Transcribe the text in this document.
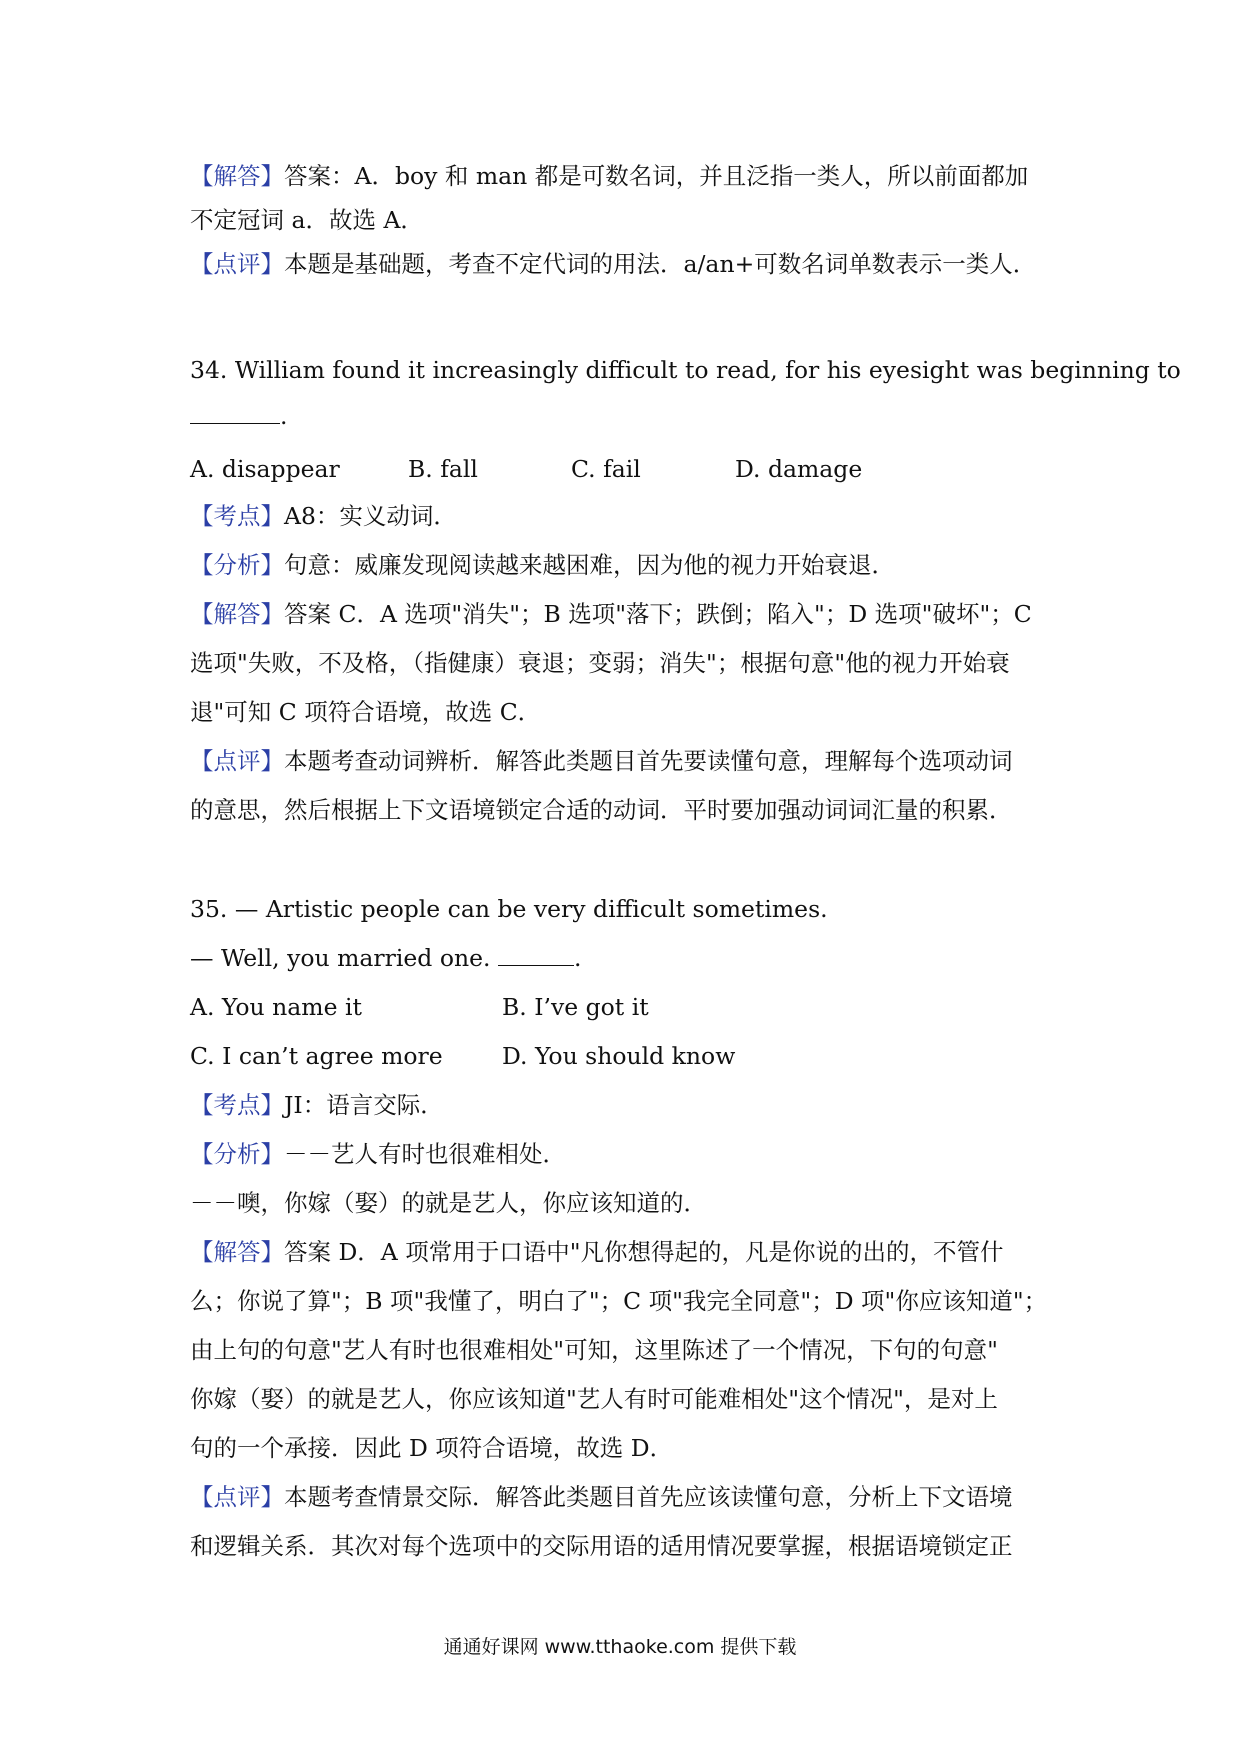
【解答】答案：A．boy 和 man 都是可数名词，并且泛指一类人，所以前面都加
不定冠词 a．故选 A．
【点评】本题是基础题，考查不定代词的用法．a/an+可数名词单数表示一类人．
34. William found it increasingly difficult to read, for his eyesight was beginning to
.
A. disappear	B. fall	C. fail	D. damage
【考点】A8：实义动词．
【分析】句意：威廉发现阅读越来越困难，因为他的视力开始衰退．
【解答】答案 C．A 选项"消失"；B 选项"落下；跌倒；陷入"；D 选项"破坏"；C
选项"失败，不及格，（指健康）衰退；变弱；消失"；根据句意"他的视力开始衰
退"可知 C 项符合语境，故选 C．
【点评】本题考查动词辨析．解答此类题目首先要读懂句意，理解每个选项动词
的意思，然后根据上下文语境锁定合适的动词．平时要加强动词词汇量的积累．
35. — Artistic people can be very difficult sometimes.
— Well, you married one.	.
A. You name it	B. I’ve got it
C. I can’t agree more	D. You should know
【考点】JI：语言交际．
【分析】－－艺人有时也很难相处．
－－噢，你嫁（娶）的就是艺人，你应该知道的．
【解答】答案 D．A 项常用于口语中"凡你想得起的，凡是你说的出的，不管什
么；你说了算"；B 项"我懂了，明白了"；C 项"我完全同意"；D 项"你应该知道"；
由上句的句意"艺人有时也很难相处"可知，这里陈述了一个情况，下句的句意"
你嫁（娶）的就是艺人，你应该知道"艺人有时可能难相处"这个情况"，是对上
句的一个承接．因此 D 项符合语境，故选 D．
【点评】本题考查情景交际．解答此类题目首先应该读懂句意，分析上下文语境
和逻辑关系．其次对每个选项中的交际用语的适用情况要掌握，根据语境锁定正
通通好课网 www.tthaoke.com 提供下载
